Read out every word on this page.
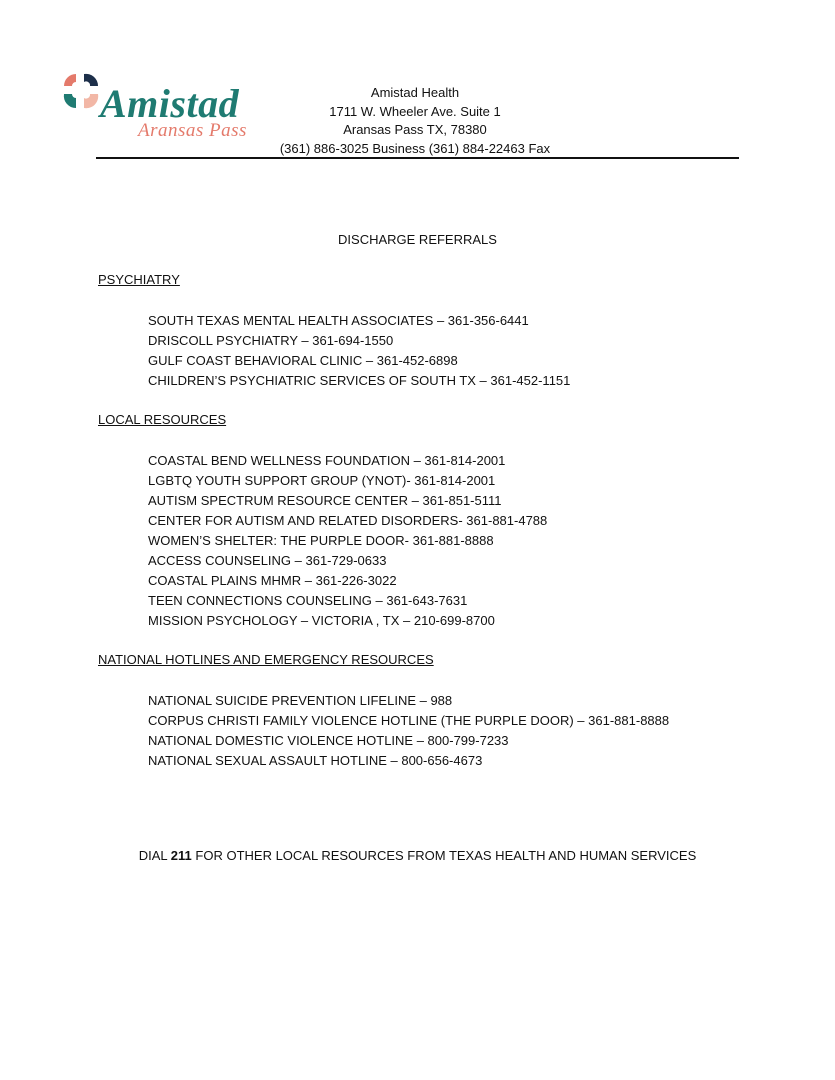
Amistad
Aransas Pass
Amistad Health
1711 W. Wheeler Ave. Suite 1
Aransas Pass TX, 78380
(361) 886-3025 Business (361) 884-22463 Fax
DISCHARGE REFERRALS
PSYCHIATRY
SOUTH TEXAS MENTAL HEALTH ASSOCIATES – 361-356-6441
DRISCOLL PSYCHIATRY – 361-694-1550
GULF COAST BEHAVIORAL CLINIC – 361-452-6898
CHILDREN’S PSYCHIATRIC SERVICES OF SOUTH TX – 361-452-1151
LOCAL RESOURCES
COASTAL BEND WELLNESS FOUNDATION – 361-814-2001
LGBTQ YOUTH SUPPORT GROUP (YNOT)- 361-814-2001
AUTISM SPECTRUM RESOURCE CENTER – 361-851-5111
CENTER FOR AUTISM AND RELATED DISORDERS- 361-881-4788
WOMEN’S SHELTER: THE PURPLE DOOR- 361-881-8888
ACCESS COUNSELING – 361-729-0633
COASTAL PLAINS MHMR – 361-226-3022
TEEN CONNECTIONS COUNSELING – 361-643-7631
MISSION PSYCHOLOGY – VICTORIA , TX – 210-699-8700
NATIONAL HOTLINES AND EMERGENCY RESOURCES
NATIONAL SUICIDE PREVENTION LIFELINE – 988
CORPUS CHRISTI FAMILY VIOLENCE HOTLINE (THE PURPLE DOOR) – 361-881-8888
NATIONAL DOMESTIC VIOLENCE HOTLINE – 800-799-7233
NATIONAL SEXUAL ASSAULT HOTLINE – 800-656-4673
DIAL 211 FOR OTHER LOCAL RESOURCES FROM TEXAS HEALTH AND HUMAN SERVICES
